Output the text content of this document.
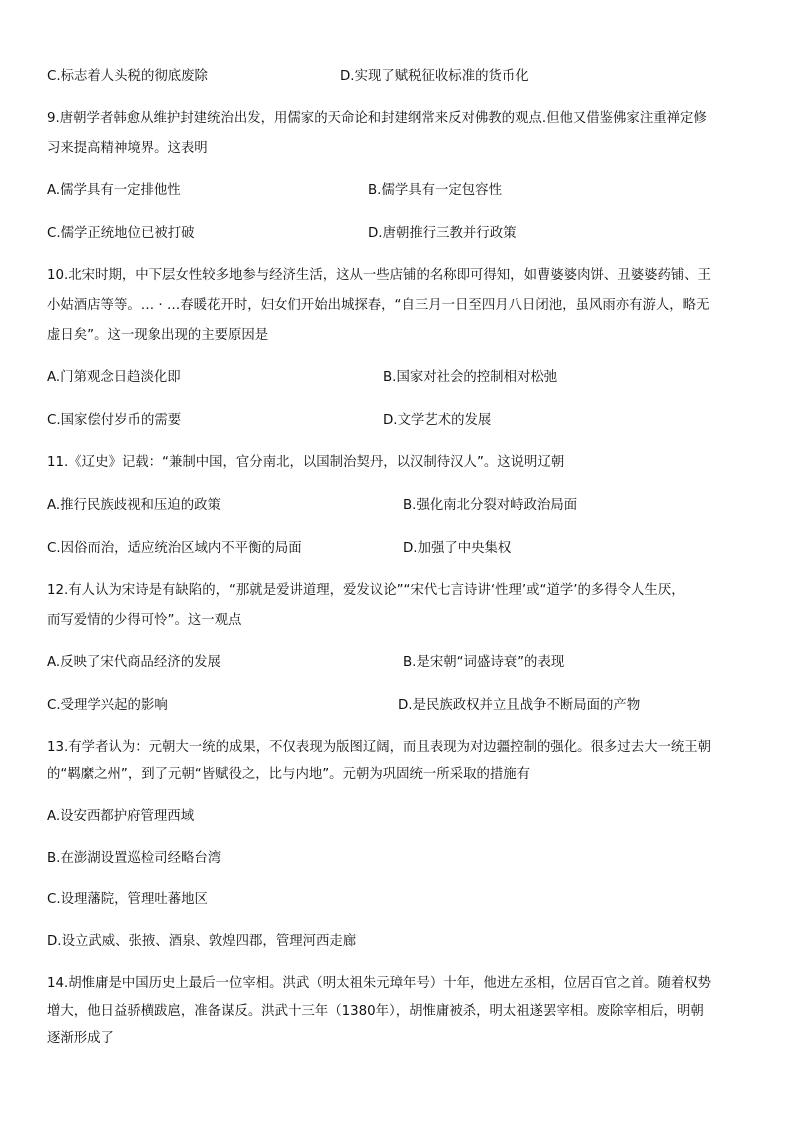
C.标志着人头税的彻底废除	D.实现了赋税征收标准的货币化
9.唐朝学者韩愈从维护封建统治出发，用儒家的天命论和封建纲常来反对佛教的观点.但他又借鉴佛家注重禅定修
习来提高精神境界。这表明
A.儒学具有一定排他性	B.儒学具有一定包容性
C.儒学正统地位已被打破	D.唐朝推行三教并行政策
10.北宋时期，中下层女性较多地参与经济生活，这从一些店铺的名称即可得知，如曹婆婆肉饼、丑婆婆药铺、王
小姑酒店等等。… · …春暖花开时，妇女们开始出城探春，“自三月一日至四月八日闭池，虽风雨亦有游人，略无
虚日矣”。这一现象出现的主要原因是
A.门第观念日趋淡化即	B.国家对社会的控制相对松弛
C.国家偿付岁币的需要	D.文学艺术的发展
11.《辽史》记载：“兼制中国，官分南北，以国制治契丹，以汉制待汉人”。这说明辽朝
A.推行民族歧视和压迫的政策	B.强化南北分裂对峙政治局面
C.因俗而治，适应统治区域内不平衡的局面	D.加强了中央集权
12.有人认为宋诗是有缺陷的，“那就是爱讲道理，爱发议论”“宋代七言诗讲‘性理’或“道学’的多得令人生厌，
而写爱情的少得可怜”。这一观点
A.反映了宋代商品经济的发展	B.是宋朝“词盛诗衰”的表现
C.受理学兴起的影响	D.是民族政权并立且战争不断局面的产物
13.有学者认为：元朝大一统的成果，不仅表现为版图辽阔，而且表现为对边疆控制的强化。很多过去大一统王朝
的“羁縻之州”，到了元朝“皆赋役之，比与内地”。元朝为巩固统一所采取的措施有
A.设安西都护府管理西域
B.在澎湖设置巡检司经略台湾
C.设理藩院，管理吐蕃地区
D.设立武威、张掖、酒泉、敦煌四郡，管理河西走廊
14.胡惟庸是中国历史上最后一位宰相。洪武（明太祖朱元璋年号）十年，他进左丞相，位居百官之首。随着权势
增大，他日益骄横跋扈，准备谋反。洪武十三年（1380年），胡惟庸被杀，明太祖遂罢宰相。废除宰相后，明朝
逐渐形成了
